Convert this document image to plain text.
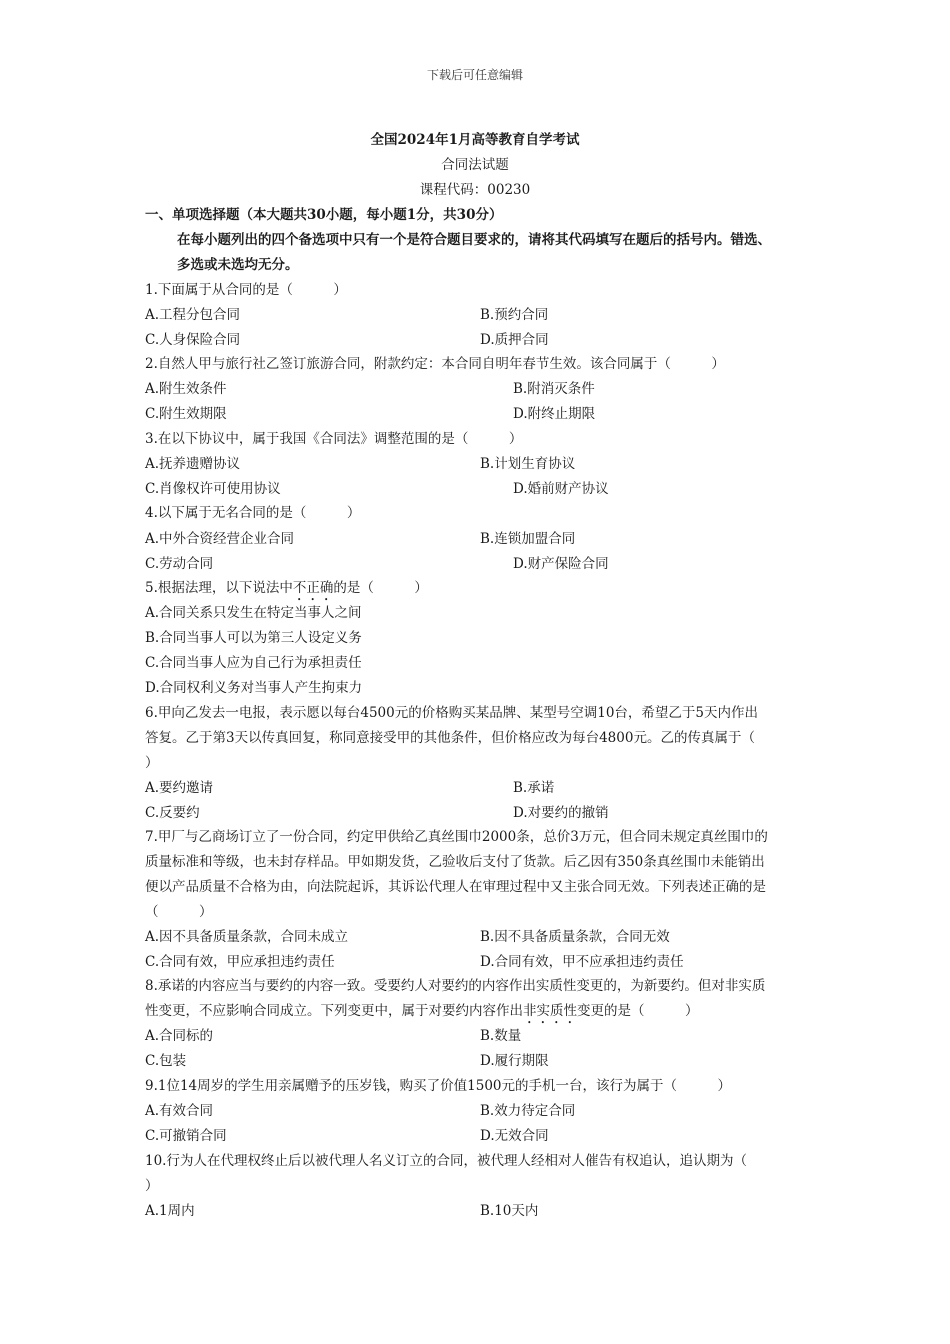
下载后可任意编辑
全国2024年1月高等教育自学考试
合同法试题
课程代码：00230
一、单项选择题（本大题共30小题，每小题1分，共30分）
在每小题列出的四个备选项中只有一个是符合题目要求的，请将其代码填写在题后的括号内。错选、
多选或未选均无分。
1.下面属于从合同的是（　　　）
A.工程分包合同	B.预约合同
C.人身保险合同	D.质押合同
2.自然人甲与旅行社乙签订旅游合同，附款约定：本合同自明年春节生效。该合同属于（　　　）
A.附生效条件	B.附消灭条件
C.附生效期限	D.附终止期限
3.在以下协议中，属于我国《合同法》调整范围的是（　　　）
A.抚养遗赠协议	B.计划生育协议
C.肖像权许可使用协议	D.婚前财产协议
4.以下属于无名合同的是（　　　）
A.中外合资经营企业合同	B.连锁加盟合同
C.劳动合同	D.财产保险合同
5.根据法理，以下说法中不正确的是（　　　）
A.合同关系只发生在特定当事人之间
B.合同当事人可以为第三人设定义务
C.合同当事人应为自己行为承担责任
D.合同权利义务对当事人产生拘束力
6.甲向乙发去一电报，表示愿以每台4500元的价格购买某品牌、某型号空调10台，希望乙于5天内作出
答复。乙于第3天以传真回复，称同意接受甲的其他条件，但价格应改为每台4800元。乙的传真属于（
）
A.要约邀请	B.承诺
C.反要约	D.对要约的撤销
7.甲厂与乙商场订立了一份合同，约定甲供给乙真丝围巾2000条，总价3万元，但合同未规定真丝围巾的
质量标准和等级，也未封存样品。甲如期发货，乙验收后支付了货款。后乙因有350条真丝围巾未能销出
便以产品质量不合格为由，向法院起诉，其诉讼代理人在审理过程中又主张合同无效。下列表述正确的是
（　　　）
A.因不具备质量条款，合同未成立	B.因不具备质量条款，合同无效
C.合同有效，甲应承担违约责任	D.合同有效，甲不应承担违约责任
8.承诺的内容应当与要约的内容一致。受要约人对要约的内容作出实质性变更的，为新要约。但对非实质
性变更，不应影响合同成立。下列变更中，属于对要约内容作出非实质性变更的是（　　　）
A.合同标的	B.数量
C.包装	D.履行期限
9.1位14周岁的学生用亲属赠予的压岁钱，购买了价值1500元的手机一台，该行为属于（　　　）
A.有效合同	B.效力待定合同
C.可撤销合同	D.无效合同
10.行为人在代理权终止后以被代理人名义订立的合同，被代理人经相对人催告有权追认，追认期为（
）
A.1周内	B.10天内
